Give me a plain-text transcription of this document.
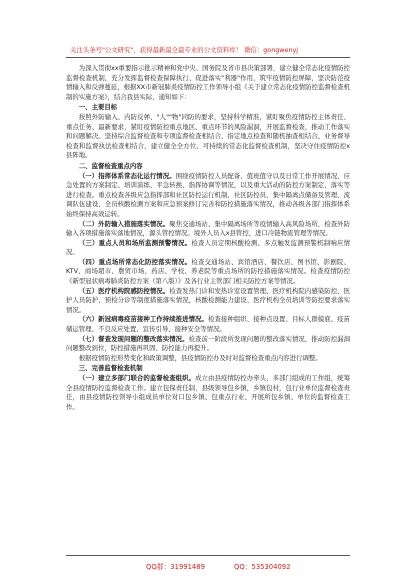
关注头条号"公文研究"，获得最新最全最专业的公文资料库！ 微信：gongwenyj

为深入贯彻xx重要指示批示精神和党中央、国务院及省市县决策部署，建立健全常态化疫情防控监督检查机制，充分发挥监督检查保障执行、促进落实"利器"作用，筑牢疫情防控屏障，坚决防范疫情输入和反弹蔓延，根据XX市新冠肺炎疫情防控工作领导小组《关于建立常态化疫情防控监督检查机制的实施方案》，结合我县实际，通知如下：

一、主要目标

按照外防输入、内防反弹、"人""物"同防的要求，坚持科学精准，紧盯聚焦疫情防控主体责任、重点任务、最新要求，紧盯疫情防控重点地区、重点环节的风险漏洞，开展监督检查，推动工作落实和问题解决。坚持综合监督检查和专项监督检查相结合、指定地点检查和随机抽查相结合、业务督导检查和监督执法检查相结合，建立健全全方位、可持续的常态化监督检查机制，坚决守住疫情防控x县阵地。

二、监督检查重点内容

（一）指挥体系常态化运行情况。围绕疫情防控人员配备、值班值守以及日常工作开展情况，应急处置的方案制定、培训演练、平急转换、指挥协调等情况，以及重大活动的防控方案制定、落实等进行检查。重点检查各级应急指挥部和社区防控运行机制、社区防控员、集中隔离点储备及管理、流调队伍建设、全员核酸检测方案和应急预案修订完善和防控措施落实情况，推动各级各部门指挥体系始终保持高效运转。

（二）外防输入措施落实情况。聚焦交通场站、集中隔离场所等疫情输入高风险场所，检查外防输入各项措施落实落地情况，源头管控情况。境外人员入x县管控，进口冷链物流管理等情况。

（三）重点人员和场所监测预警情况。检查人员定期核酸检测、多点触发监测预警机制响应情况。

（四）重点场所常态化防控落实情况。检查交通场站、宾馆酒店、餐饮店、图书馆、影剧院、KTV、商场超市、農贸市场、药店、学校、养老院等重点场所的防控措施落实情况。检查疫情防控《新型冠状病毒肺炎防控方案（第八版）》及各行业主管部门相关防控方案等情况。

（五）医疗机构院感防控情况。检查发热门诊和发热诊室设置管理、医疗机构院内感染防控、医护人员防护、预检分诊等制度措施落实情况，核酸检测能力建设、医疗机构全员培训等防控要求落实情况。

（六）新冠病毒疫苗接种工作持续推进情况。检查接种组织、接种点设置、目标人群摸底、疫苗储运管理、不良反应处置、宣传引导、接种安全等情况。

（七）督查发现问题的整改落实情况。检查前一阶段所发现问题的整改落实情况，推动防控漏洞问题整改到位，防控措施再巩固、防控能力再提升。

根据疫情防控形势变化和政策调整，县疫情防控办及时对监督检查重点内容进行调整。

三、完善监督检查机制

（一）建立多部门联合的监督检查组织。成立由县疫情防控办牵头、多部门组成的工作组，统筹全县疫情防控监督检查工作。建立包保责任制，县级领导包乡镇，乡镇包村，包行业单位监督检查责任，由县疫情防控领导小组成员单位对口包乡镇、包重点行业、开展所包乡镇、单位的监督检查工作。

QQ群：31991489	QQ：535304092
